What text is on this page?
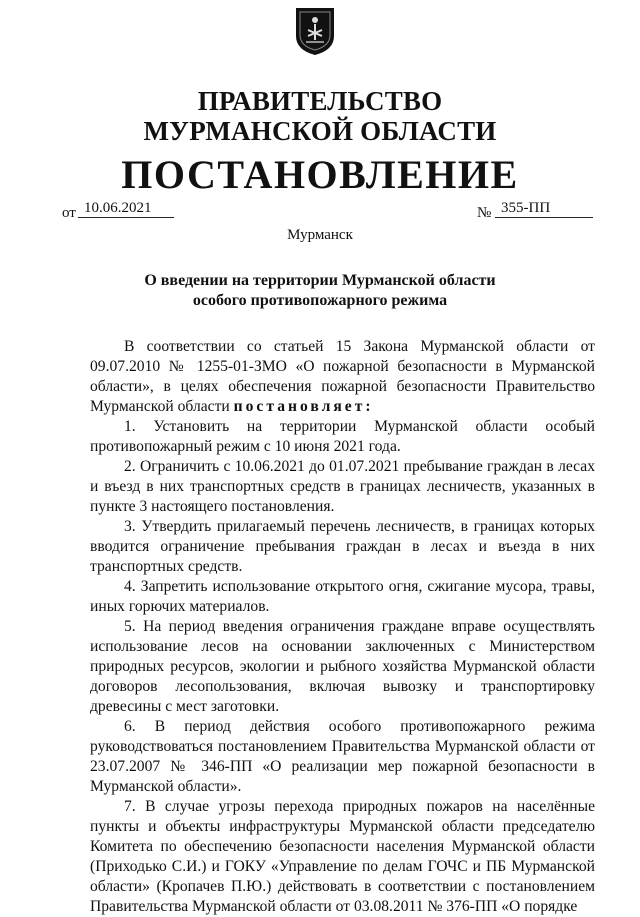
ПРАВИТЕЛЬСТВО
МУРМАНСКОЙ ОБЛАСТИ
ПОСТАНОВЛЕНИЕ
от 10.06.2021	№ 355-ПП
Мурманск
О введении на территории Мурманской области
особого противопожарного режима

В соответствии со статьей 15 Закона Мурманской области от 09.07.2010 № 1255-01-ЗМО «О пожарной безопасности в Мурманской области», в целях обеспечения пожарной безопасности Правительство Мурманской области постановляет:

1. Установить на территории Мурманской области особый противопожарный режим с 10 июня 2021 года.

2. Ограничить с 10.06.2021 до 01.07.2021 пребывание граждан в лесах и въезд в них транспортных средств в границах лесничеств, указанных в пункте 3 настоящего постановления.

3. Утвердить прилагаемый перечень лесничеств, в границах которых вводится ограничение пребывания граждан в лесах и въезда в них транспортных средств.

4. Запретить использование открытого огня, сжигание мусора, травы, иных горючих материалов.

5. На период введения ограничения граждане вправе осуществлять использование лесов на основании заключенных с Министерством природных ресурсов, экологии и рыбного хозяйства Мурманской области договоров лесопользования, включая вывозку и транспортировку древесины с мест заготовки.

6. В период действия особого противопожарного режима руководствоваться постановлением Правительства Мурманской области от 23.07.2007 № 346-ПП «О реализации мер пожарной безопасности в Мурманской области».

7. В случае угрозы перехода природных пожаров на населённые пункты и объекты инфраструктуры Мурманской области председателю Комитета по обеспечению безопасности населения Мурманской области (Приходько С.И.) и ГОКУ «Управление по делам ГОЧС и ПБ Мурманской области» (Кропачев П.Ю.) действовать в соответствии с постановлением Правительства Мурманской области от 03.08.2011 № 376-ПП «О порядке
